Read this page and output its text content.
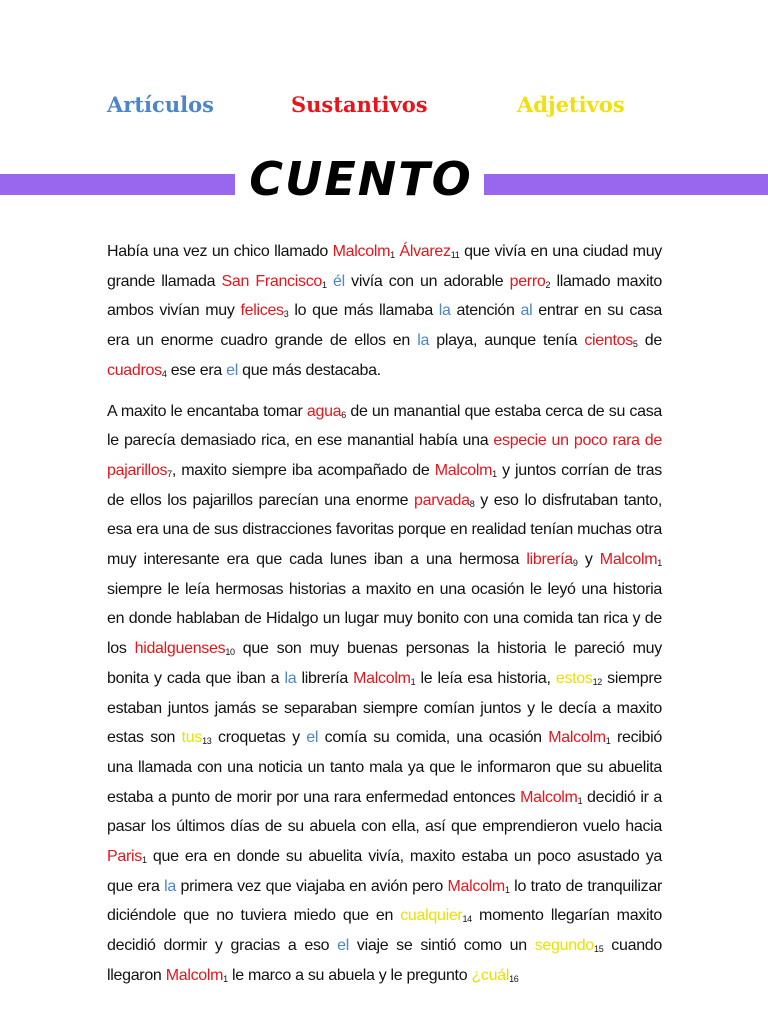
Artículos	Sustantivos	Adjetivos
CUENTO

Había una vez un chico llamado Malcolm$_1$ Álvarez$_{11}$ que vivía en una ciudad muy grande llamada San Francisco$_1$ él vivía con un adorable perro$_2$ llamado maxito ambos vivían muy felices$_3$ lo que más llamaba la atención al entrar en su casa era un enorme cuadro grande de ellos en la playa, aunque tenía cientos$_5$ de cuadros$_4$ ese era el que más destacaba.

A maxito le encantaba tomar agua$_6$ de un manantial que estaba cerca de su casa le parecía demasiado rica, en ese manantial había una especie un poco rara de pajarillos$_7$, maxito siempre iba acompañado de Malcolm$_1$ y juntos corrían de tras de ellos los pajarillos parecían una enorme parvada$_8$ y eso lo disfrutaban tanto, esa era una de sus distracciones favoritas porque en realidad tenían muchas otra muy interesante era que cada lunes iban a una hermosa librería$_9$ y Malcolm$_1$ siempre le leía hermosas historias a maxito en una ocasión le leyó una historia en donde hablaban de Hidalgo un lugar muy bonito con una comida tan rica y de los hidalguenses$_{10}$ que son muy buenas personas la historia le pareció muy bonita y cada que iban a la librería Malcolm$_1$ le leía esa historia, estos$_{12}$ siempre estaban juntos jamás se separaban siempre comían juntos y le decía a maxito estas son tus$_{13}$ croquetas y el comía su comida, una ocasión Malcolm$_1$ recibió una llamada con una noticia un tanto mala ya que le informaron que su abuelita estaba a punto de morir por una rara enfermedad entonces Malcolm$_1$ decidió ir a pasar los últimos días de su abuela con ella, así que emprendieron vuelo hacia Paris$_1$ que era en donde su abuelita vivía, maxito estaba un poco asustado ya que era la primera vez que viajaba en avión pero Malcolm$_1$ lo trato de tranquilizar diciéndole que no tuviera miedo que en cualquier$_{14}$ momento llegarían maxito decidió dormir y gracias a eso el viaje se sintió como un segundo$_{15}$ cuando llegaron Malcolm$_1$ le marco a su abuela y le pregunto ¿cuál$_{16}$
